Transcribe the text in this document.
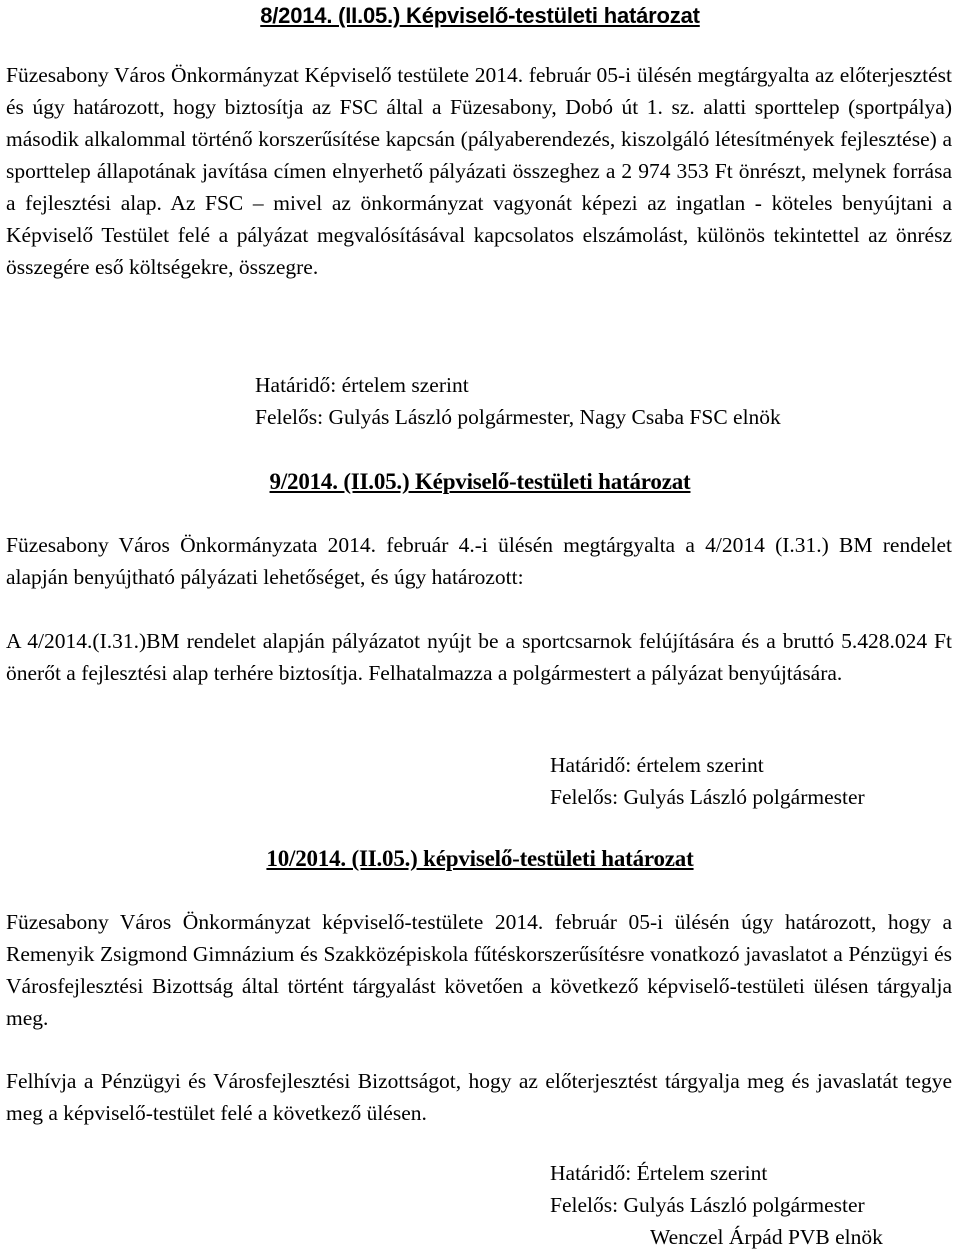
8/2014. (II.05.) Képviselő-testületi határozat

Füzesabony Város Önkormányzat Képviselő testülete 2014. február 05-i ülésén megtárgyalta az előterjesztést és úgy határozott, hogy biztosítja az FSC által a Füzesabony, Dobó út 1. sz. alatti sporttelep (sportpálya) második alkalommal történő korszerűsítése kapcsán (pályaberendezés, kiszolgáló létesítmények fejlesztése) a sporttelep állapotának javítása címen elnyerhető pályázati összeghez a 2 974 353 Ft önrészt, melynek forrása a fejlesztési alap. Az FSC – mivel az önkormányzat vagyonát képezi az ingatlan - köteles benyújtani a Képviselő Testület felé a pályázat megvalósításával kapcsolatos elszámolást, különös tekintettel az önrész összegére eső költségekre, összegre.

Határidő: értelem szerint
Felelős: Gulyás László polgármester, Nagy Csaba FSC elnök
9/2014. (II.05.) Képviselő-testületi határozat

Füzesabony Város Önkormányzata 2014. február 4.-i ülésén megtárgyalta a 4/2014 (I.31.) BM rendelet alapján benyújtható pályázati lehetőséget, és úgy határozott:

A 4/2014.(I.31.)BM rendelet alapján pályázatot nyújt be a sportcsarnok felújítására és a bruttó 5.428.024 Ft önerőt a fejlesztési alap terhére biztosítja. Felhatalmazza a polgármestert a pályázat benyújtására.

Határidő: értelem szerint
Felelős: Gulyás László polgármester
10/2014. (II.05.) képviselő-testületi határozat

Füzesabony Város Önkormányzat képviselő-testülete 2014. február 05-i ülésén úgy határozott, hogy a Remenyik Zsigmond Gimnázium és Szakközépiskola fűtéskorszerűsítésre vonatkozó javaslatot a Pénzügyi és Városfejlesztési Bizottság által történt tárgyalást követően a következő képviselő-testületi ülésen tárgyalja meg.

Felhívja a Pénzügyi és Városfejlesztési Bizottságot, hogy az előterjesztést tárgyalja meg és javaslatát tegye meg a képviselő-testület felé a következő ülésen.

Határidő: Értelem szerint
Felelős: Gulyás László polgármester
Wenczel Árpád PVB elnök
